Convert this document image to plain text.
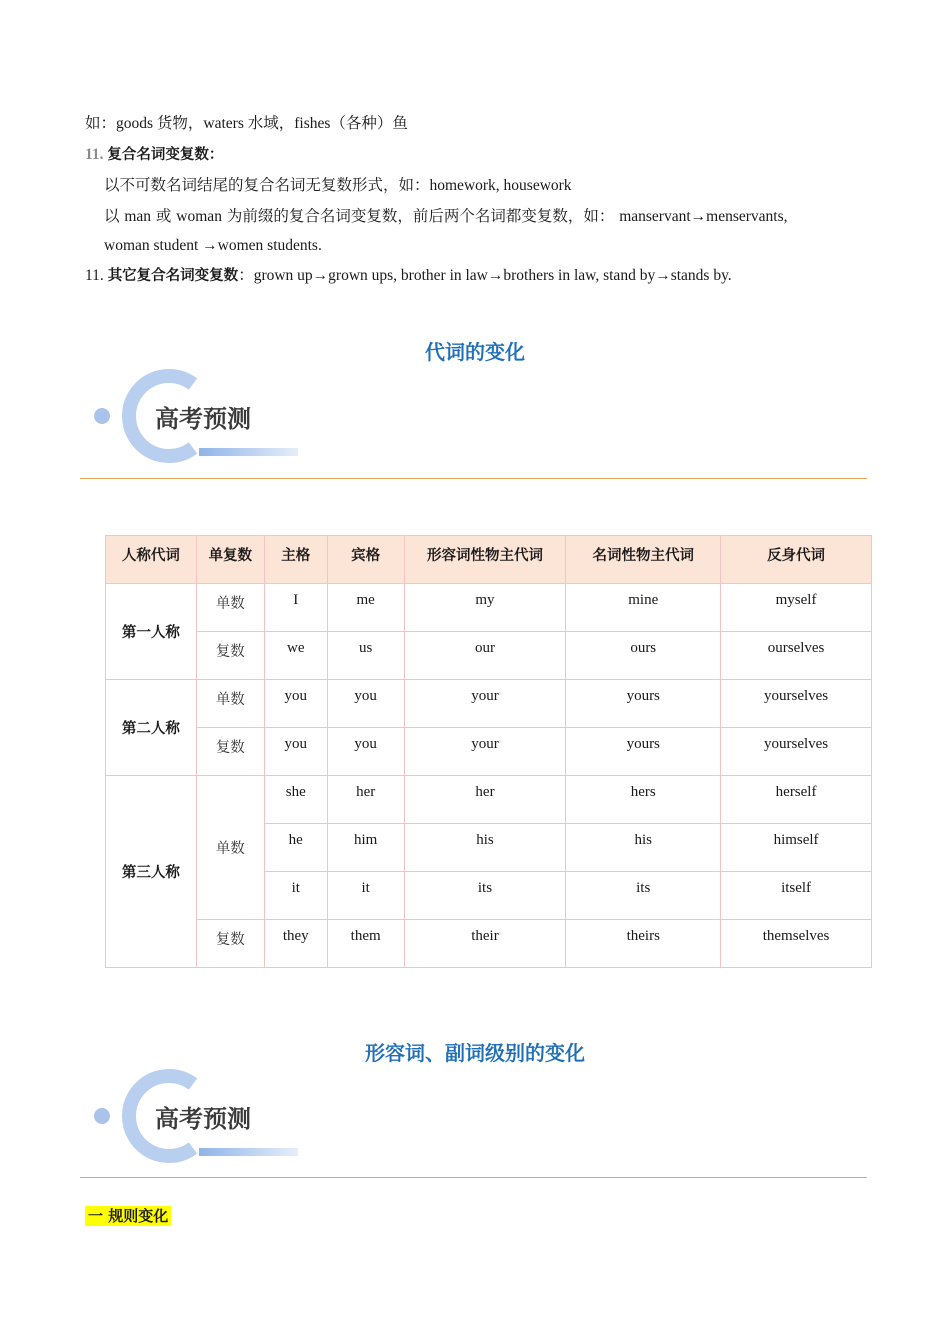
如：goods 货物，waters 水域，fishes（各种）鱼
11. 复合名词变复数：
以不可数名词结尾的复合名词无复数形式，如：homework, housework
以 man 或 woman 为前缀的复合名词变复数，前后两个名词都变复数，如： manservant→menservants,
woman student →women students.
11. 其它复合名词变复数：grown up→grown ups, brother in law→brothers in law, stand by→stands by.
代词的变化
高考预测
人称代词	单复数	主格	宾格	形容词性物主代词	名词性物主代词	反身代词
第一人称	单数	I	me	my	mine	myself
	复数	we	us	our	ours	ourselves
第二人称	单数	you	you	your	yours	yourselves
	复数	you	you	your	yours	yourselves
第三人称	单数	she	her	her	hers	herself
		he	him	his	his	himself
		it	it	its	its	itself
	复数	they	them	their	theirs	themselves
形容词、副词级别的变化
高考预测
一 规则变化
